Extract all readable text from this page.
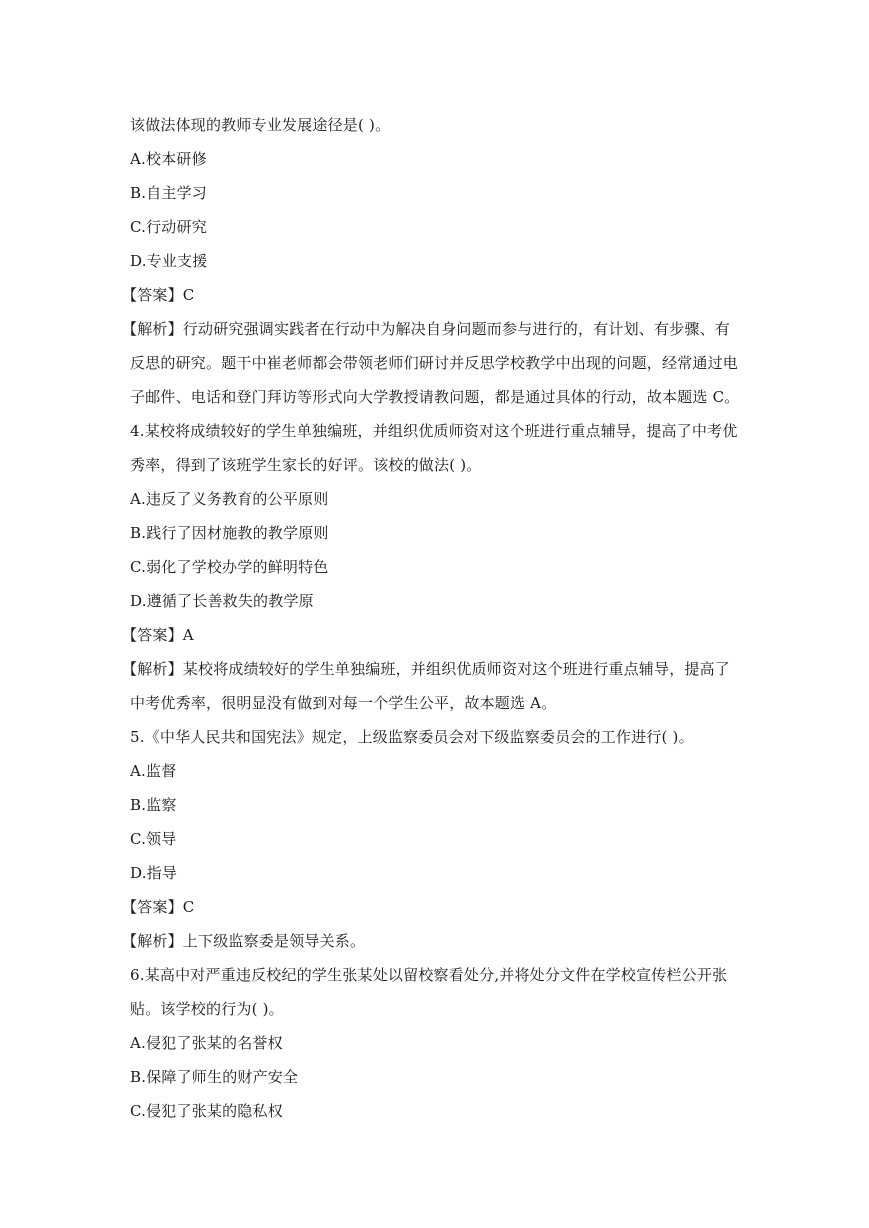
该做法体现的教师专业发展途径是( )。
A.校本研修
B.自主学习
C.行动研究
D.专业支援
【答案】C
【解析】行动研究强调实践者在行动中为解决自身问题而参与进行的，有计划、有步骤、有
反思的研究。题干中崔老师都会带领老师们研讨并反思学校教学中出现的问题，经常通过电
子邮件、电话和登门拜访等形式向大学教授请教问题，都是通过具体的行动，故本题选 C。
4.某校将成绩较好的学生单独编班，并组织优质师资对这个班进行重点辅导，提高了中考优
秀率，得到了该班学生家长的好评。该校的做法( )。
A.违反了义务教育的公平原则
B.践行了因材施教的教学原则
C.弱化了学校办学的鲜明特色
D.遵循了长善救失的教学原
【答案】A
【解析】某校将成绩较好的学生单独编班，并组织优质师资对这个班进行重点辅导，提高了
中考优秀率，很明显没有做到对每一个学生公平，故本题选 A。
5.《中华人民共和国宪法》规定，上级监察委员会对下级监察委员会的工作进行( )。
A.监督
B.监察
C.领导
D.指导
【答案】C
【解析】上下级监察委是领导关系。
6.某高中对严重违反校纪的学生张某处以留校察看处分,并将处分文件在学校宣传栏公开张
贴。该学校的行为( )。
A.侵犯了张某的名誉权
B.保障了师生的财产安全
C.侵犯了张某的隐私权
